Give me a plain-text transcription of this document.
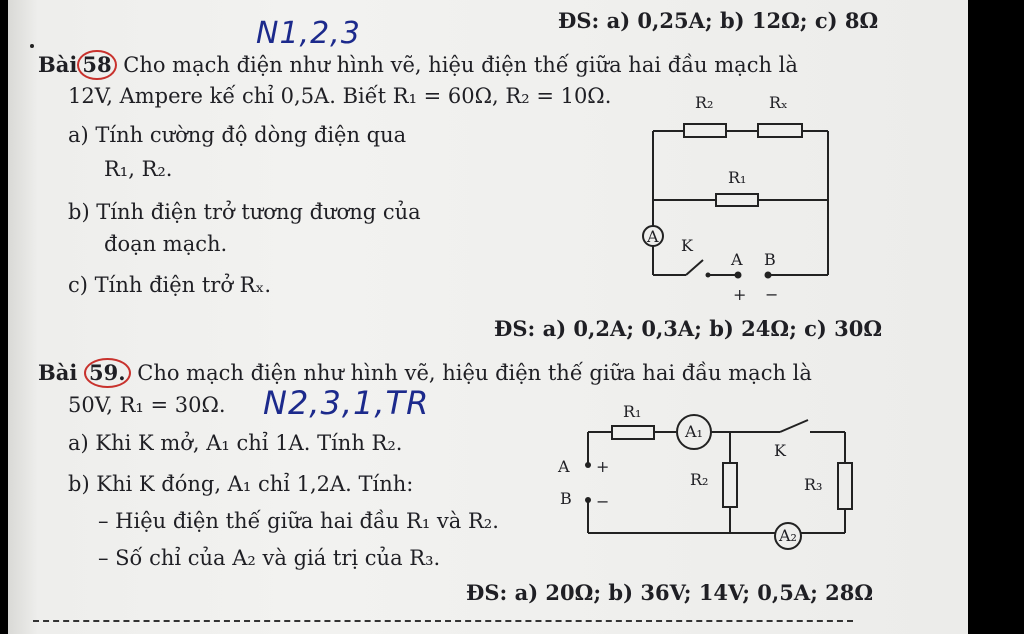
ĐS: a) 0,25A; b) 12Ω; c) 8Ω
N1,2,3
Bài 58 Cho mạch điện như hình vẽ, hiệu điện thế giữa hai đầu mạch là
12V, Ampere kế chỉ 0,5A. Biết R₁ = 60Ω, R₂ = 10Ω.
a) Tính cường độ dòng điện qua
R₁, R₂.
b) Tính điện trở tương đương của
đoạn mạch.
c) Tính điện trở Rₓ.
ĐS: a) 0,2A; 0,3A; b) 24Ω; c) 30Ω
R₂	Rₓ
R₁
A K
A B
+ −
Bài 59. Cho mạch điện như hình vẽ, hiệu điện thế giữa hai đầu mạch là
50V, R₁ = 30Ω. N2,3,1,TR
a) Khi K mở, A₁ chỉ 1A. Tính R₂.
b) Khi K đóng, A₁ chỉ 1,2A. Tính:
– Hiệu điện thế giữa hai đầu R₁ và R₂.
– Số chỉ của A₂ và giá trị của R₃.
ĐS: a) 20Ω; b) 36V; 14V; 0,5A; 28Ω
R₁
A₁
K
R₂	R₃
A₂
A
B
+
−
